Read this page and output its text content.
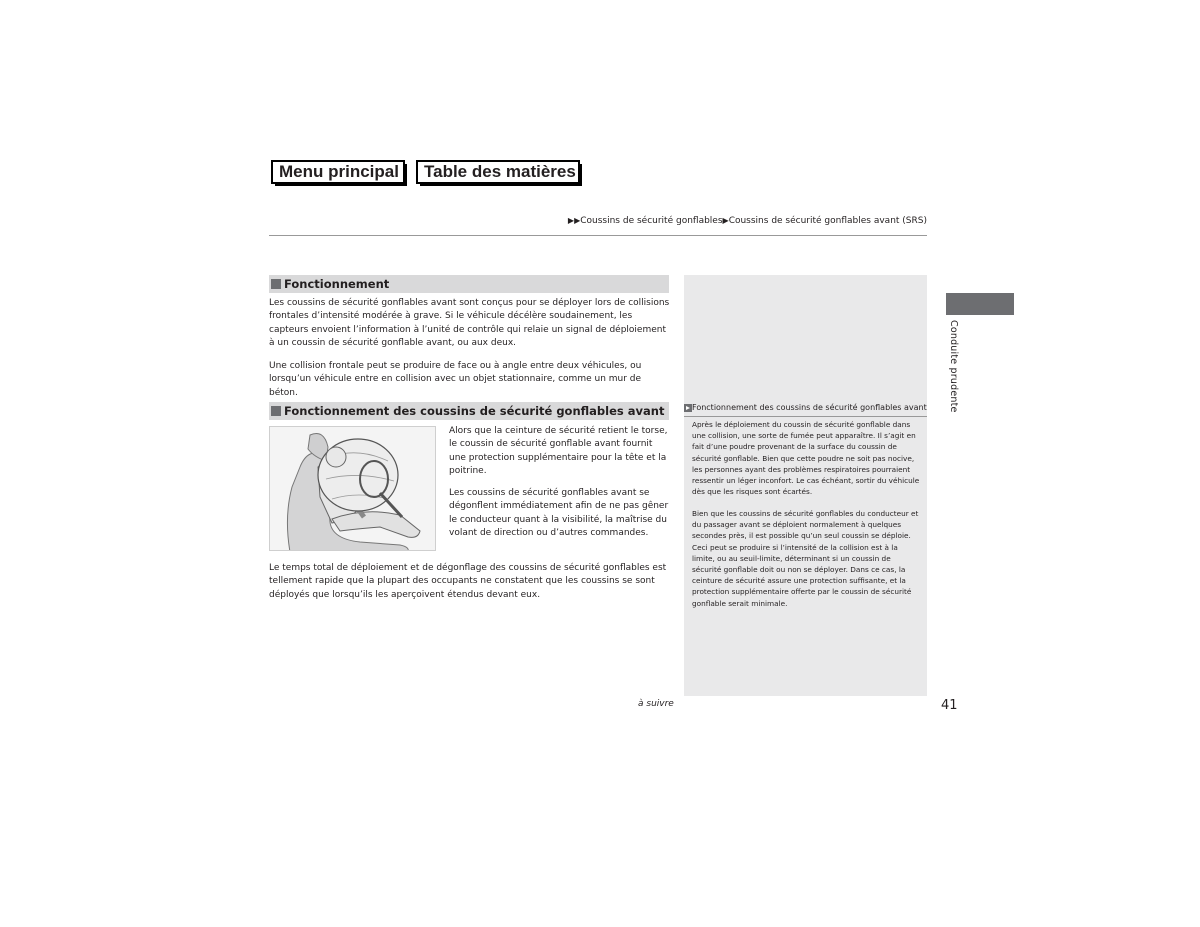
Menu principal	Table des matières
▶▶Coussins de sécurité gonflables▶Coussins de sécurité gonflables avant (SRS)
Fonctionnement
Les coussins de sécurité gonflables avant sont conçus pour se déployer lors de collisions frontales d’intensité modérée à grave. Si le véhicule décélère soudainement, les capteurs envoient l’information à l’unité de contrôle qui relaie un signal de déploiement à un coussin de sécurité gonflable avant, ou aux deux.
Une collision frontale peut se produire de face ou à angle entre deux véhicules, ou lorsqu’un véhicule entre en collision avec un objet stationnaire, comme un mur de béton.
Fonctionnement des coussins de sécurité gonflables avant
Alors que la ceinture de sécurité retient le torse, le coussin de sécurité gonflable avant fournit une protection supplémentaire pour la tête et la poitrine.
Les coussins de sécurité gonflables avant se dégonflent immédiatement afin de ne pas gêner le conducteur quant à la visibilité, la maîtrise du volant de direction ou d’autres commandes.
Le temps total de déploiement et de dégonflage des coussins de sécurité gonflables est tellement rapide que la plupart des occupants ne constatent que les coussins se sont déployés que lorsqu’ils les aperçoivent étendus devant eux.
Fonctionnement des coussins de sécurité gonflables avant
Après le déploiement du coussin de sécurité gonflable dans une collision, une sorte de fumée peut apparaître. Il s’agit en fait d’une poudre provenant de la surface du coussin de sécurité gonflable. Bien que cette poudre ne soit pas nocive, les personnes ayant des problèmes respiratoires pourraient ressentir un léger inconfort. Le cas échéant, sortir du véhicule dès que les risques sont écartés.
Bien que les coussins de sécurité gonflables du conducteur et du passager avant se déploient normalement à quelques secondes près, il est possible qu’un seul coussin se déploie. Ceci peut se produire si l’intensité de la collision est à la limite, ou au seuil-limite, déterminant si un coussin de sécurité gonflable doit ou non se déployer. Dans ce cas, la ceinture de sécurité assure une protection suffisante, et la protection supplémentaire offerte par le coussin de sécurité gonflable serait minimale.
Conduite prudente
à suivre	41
